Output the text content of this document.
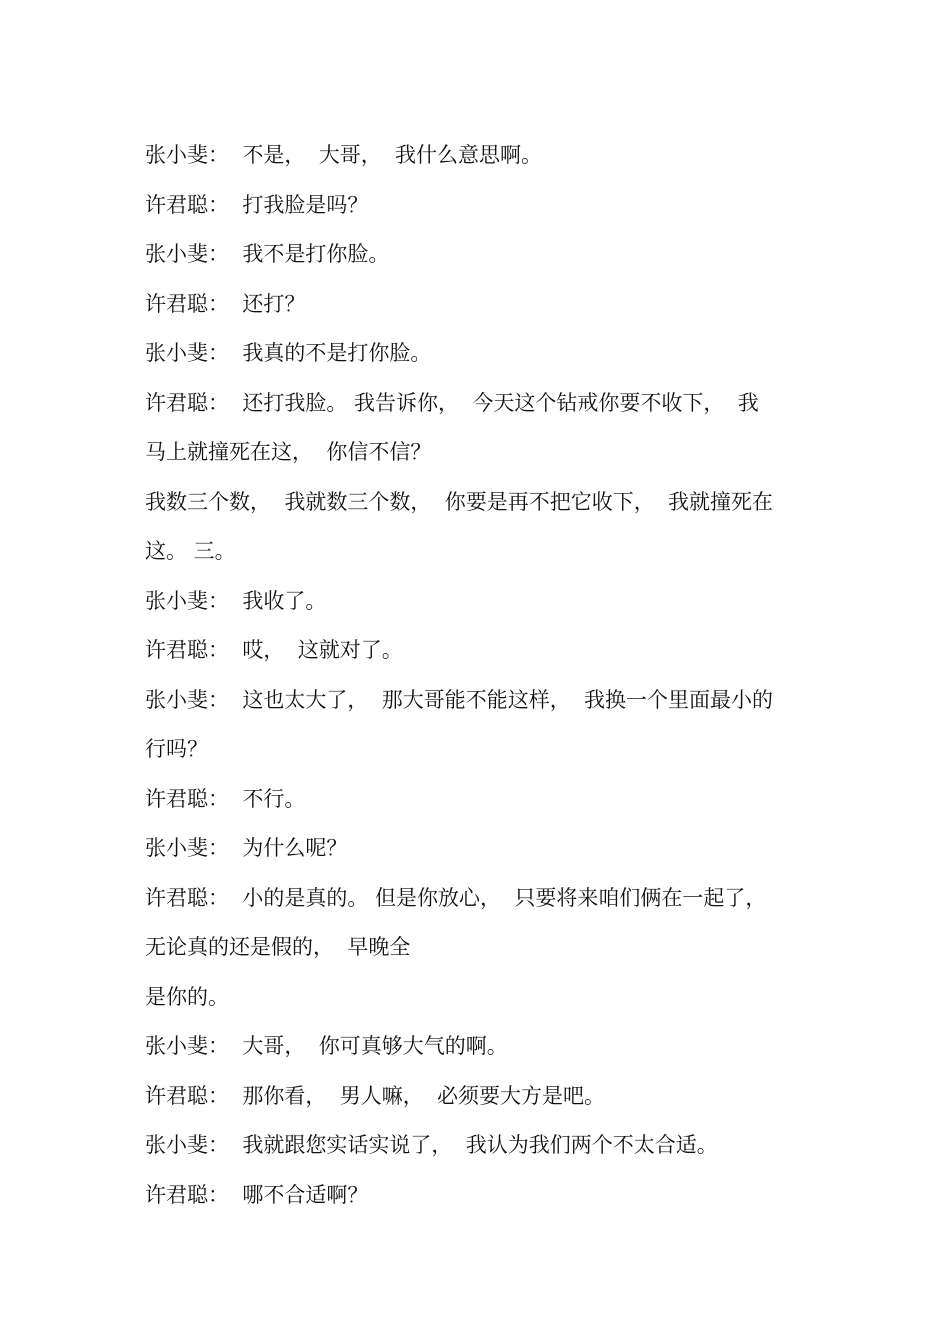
张小斐：  不是，  大哥，  我什么意思啊。
许君聪：  打我脸是吗？
张小斐：  我不是打你脸。
许君聪：  还打？
张小斐：  我真的不是打你脸。
许君聪：  还打我脸。 我告诉你，  今天这个钻戒你要不收下，  我
马上就撞死在这，  你信不信？
我数三个数，  我就数三个数，  你要是再不把它收下，  我就撞死在
这。 三。
张小斐：  我收了。
许君聪：  哎，  这就对了。
张小斐：  这也太大了，  那大哥能不能这样，  我换一个里面最小的
行吗？
许君聪：  不行。
张小斐：  为什么呢？
许君聪：  小的是真的。 但是你放心，  只要将来咱们俩在一起了，
无论真的还是假的，  早晚全
是你的。
张小斐：  大哥，  你可真够大气的啊。
许君聪：  那你看，  男人嘛，  必须要大方是吧。
张小斐：  我就跟您实话实说了，  我认为我们两个不太合适。
许君聪：  哪不合适啊？
